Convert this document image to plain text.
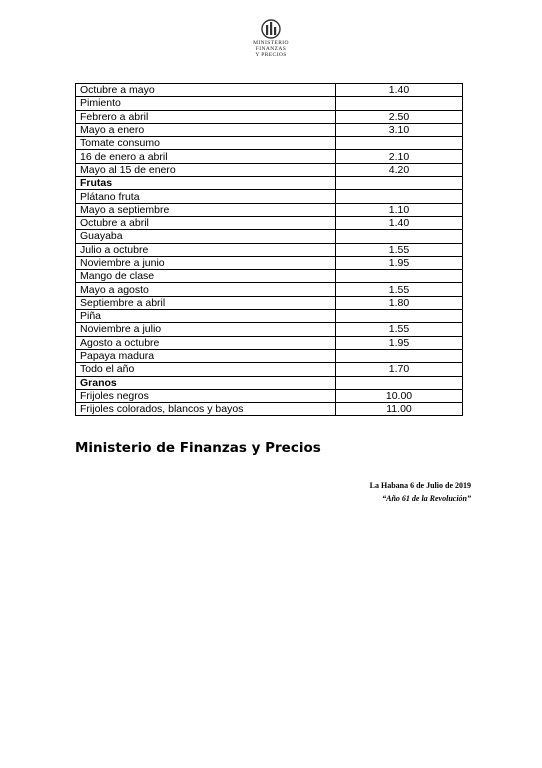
MINISTERIO
FINANZAS
Y PRECIOS
Octubre a mayo	1.40
Pimiento	
Febrero a abril	2.50
Mayo a enero	3.10
Tomate consumo	
16 de enero a abril	2.10
Mayo al 15 de enero	4.20
Frutas	
Plátano fruta	
Mayo a septiembre	1.10
Octubre a abril	1.40
Guayaba	
Julio a octubre	1.55
Noviembre a junio	1.95
Mango de clase	
Mayo a agosto	1.55
Septiembre a abril	1.80
Piña	
Noviembre a julio	1.55
Agosto a octubre	1.95
Papaya madura	
Todo el año	1.70
Granos	
Frijoles negros	10.00
Frijoles colorados, blancos y bayos	11.00
Ministerio de Finanzas y Precios
La Habana 6 de Julio de 2019
“Año 61 de la Revolución”
